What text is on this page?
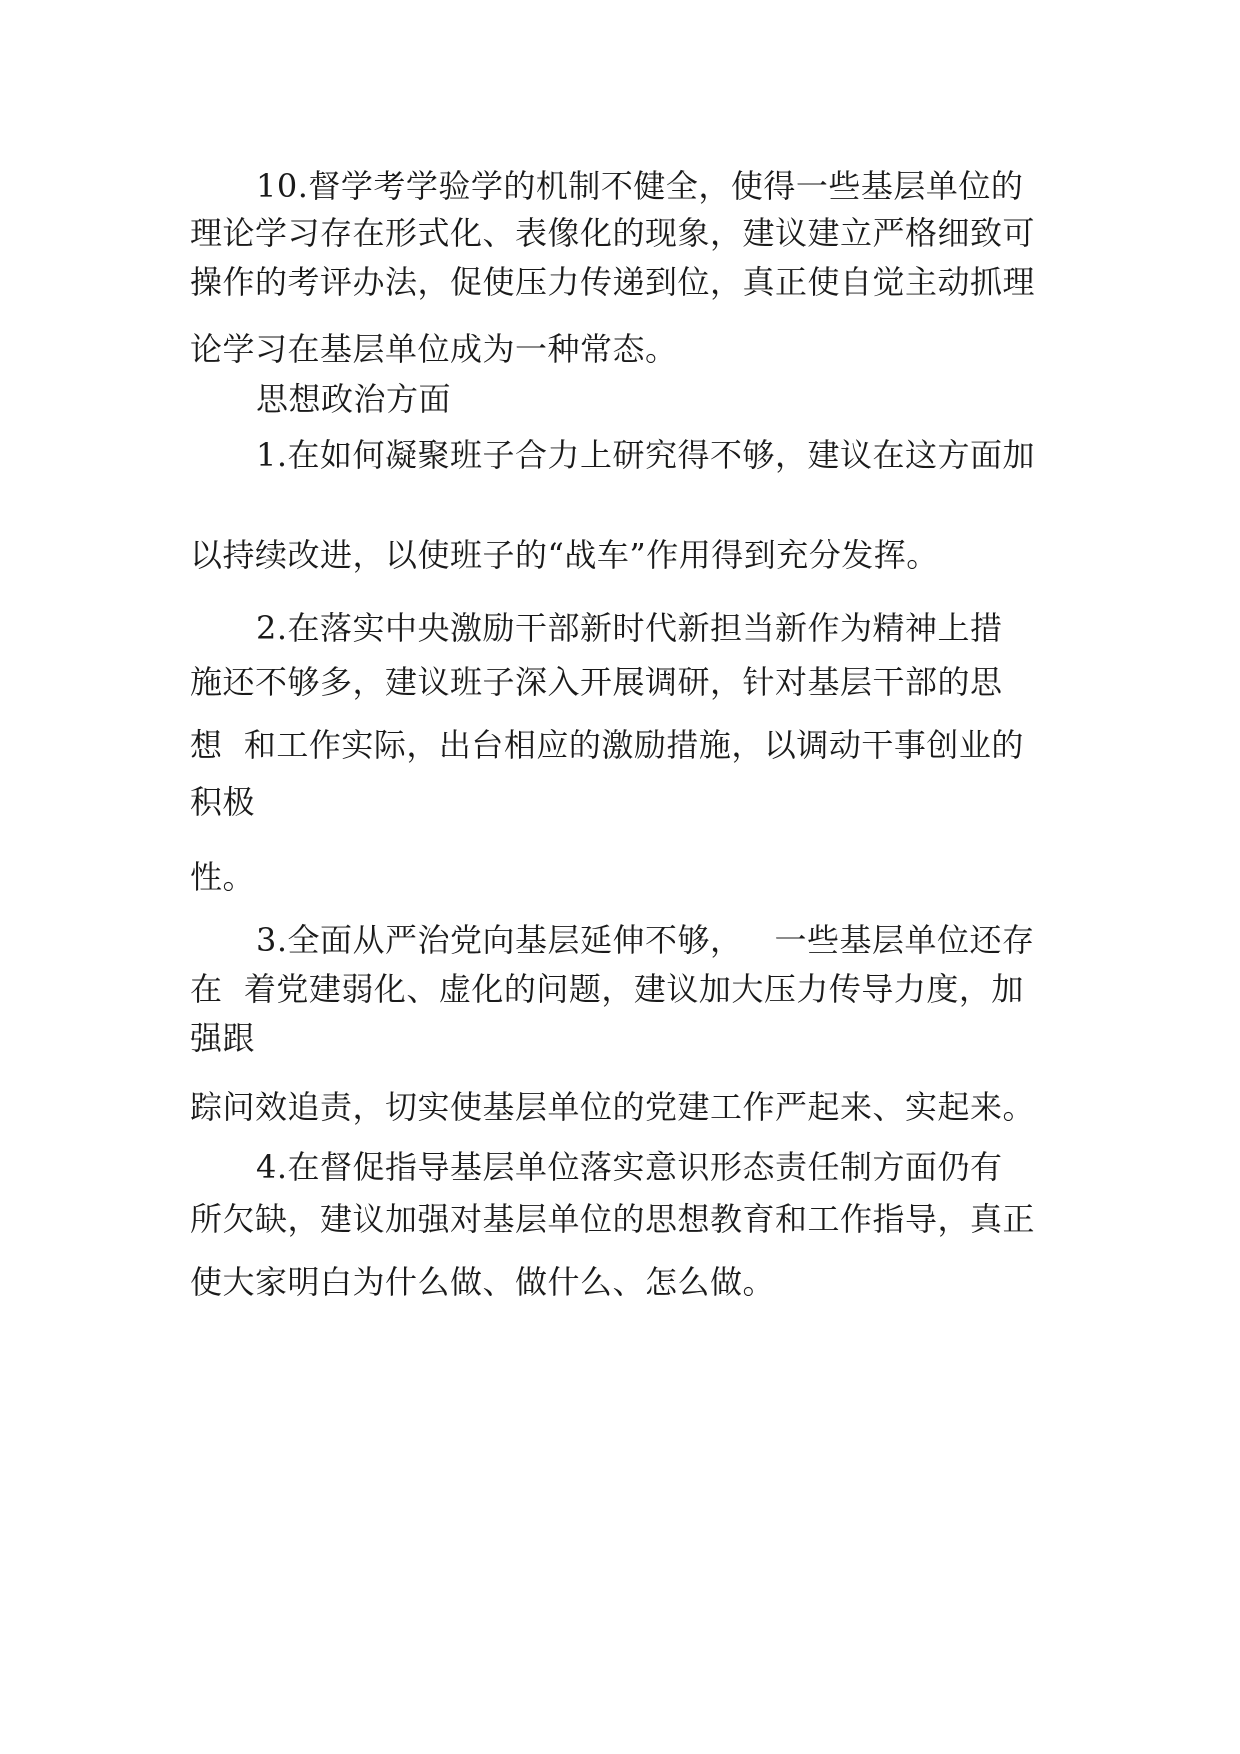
10.督学考学验学的机制不健全，使得一些基层单位的
理论学习存在形式化、表像化的现象，建议建立严格细致可
操作的考评办法，促使压力传递到位，真正使自觉主动抓理
论学习在基层单位成为一种常态。
思想政治方面
1.在如何凝聚班子合力上研究得不够，建议在这方面加
以持续改进，以使班子的“战车”作用得到充分发挥。
2.在落实中央激励干部新时代新担当新作为精神上措
施还不够多，建议班子深入开展调研，针对基层干部的思
想  和工作实际，出台相应的激励措施，以调动干事创业的
积极
性。
3.全面从严治党向基层延伸不够，   一些基层单位还存
在  着党建弱化、虚化的问题，建议加大压力传导力度，加
强跟
踪问效追责，切实使基层单位的党建工作严起来、实起来。
4.在督促指导基层单位落实意识形态责任制方面仍有
所欠缺，建议加强对基层单位的思想教育和工作指导，真正
使大家明白为什么做、做什么、怎么做。
